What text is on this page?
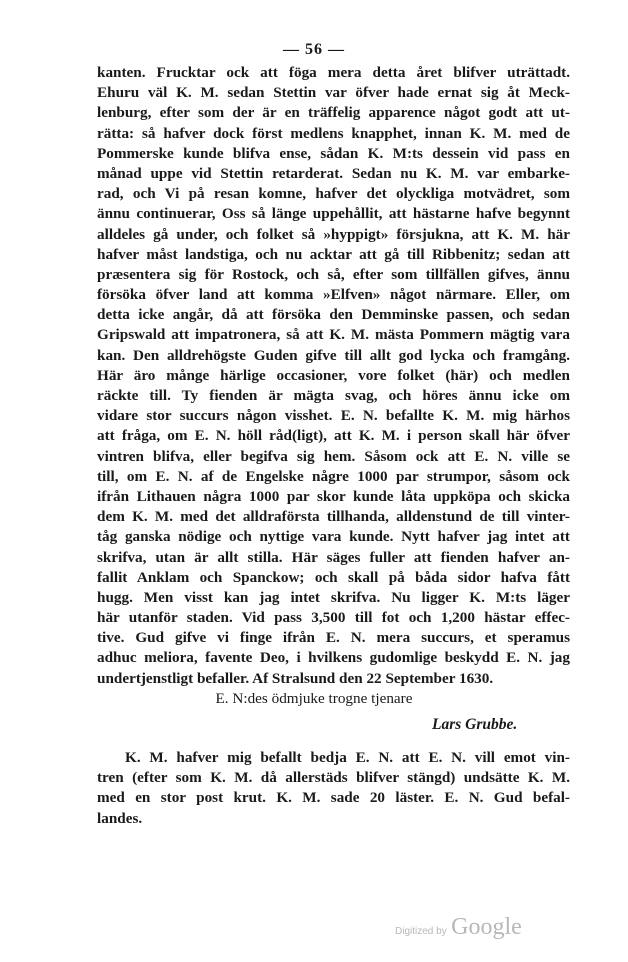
— 56 —
kanten. Frucktar ock att föga mera detta året blifver uträttadt.
Ehuru väl K. M. sedan Stettin var öfver hade ernat sig åt Meck-
lenburg, efter som der är en träffelig apparence något godt att ut-
rätta: så hafver dock först medlens knapphet, innan K. M. med de
Pommerske kunde blifva ense, sådan K. M:ts dessein vid pass en
månad uppe vid Stettin retarderat. Sedan nu K. M. var embarke-
rad, och Vi på resan komne, hafver det olyckliga motvädret, som
ännu continuerar, Oss så länge uppehållit, att hästarne hafve begynnt
alldeles gå under, och folket så »hyppigt» försjukna, att K. M. här
hafver måst landstiga, och nu acktar att gå till Ribbenitz; sedan att
præsentera sig för Rostock, och så, efter som tillfällen gifves, ännu
försöka öfver land att komma »Elfven» något närmare. Eller, om
detta icke angår, då att försöka den Demminske passen, och sedan
Gripswald att impatronera, så att K. M. mästa Pommern mägtig vara
kan. Den alldrehögste Guden gifve till allt god lycka och framgång.
Här äro månge härlige occasioner, vore folket (här) och medlen
räckte till. Ty fienden är mägta svag, och höres ännu icke om
vidare stor succurs någon visshet. E. N. befallte K. M. mig härhos
att fråga, om E. N. höll råd(ligt), att K. M. i person skall här öfver
vintren blifva, eller begifva sig hem. Såsom ock att E. N. ville se
till, om E. N. af de Engelske någre 1000 par strumpor, såsom ock
ifrån Lithauen några 1000 par skor kunde låta uppköpa och skicka
dem K. M. med det alldraförsta tillhanda, alldenstund de till vinter-
tåg ganska nödige och nyttige vara kunde. Nytt hafver jag intet att
skrifva, utan är allt stilla. Här säges fuller att fienden hafver an-
fallit Anklam och Spanckow; och skall på båda sidor hafva fått
hugg. Men visst kan jag intet skrifva. Nu ligger K. M:ts läger
här utanför staden. Vid pass 3,500 till fot och 1,200 hästar effec-
tive. Gud gifve vi finge ifrån E. N. mera succurs, et speramus
adhuc meliora, favente Deo, i hvilkens gudomlige beskydd E. N. jag
undertjenstligt befaller. Af Stralsund den 22 September 1630.
E. N:des ödmjuke trogne tjenare
Lars Grubbe.
K. M. hafver mig befallt bedja E. N. att E. N. vill emot vin-
tren (efter som K. M. då allerstäds blifver stängd) undsätte K. M.
med en stor post krut. K. M. sade 20 läster. E. N. Gud befal-
landes.
Digitized by Google
